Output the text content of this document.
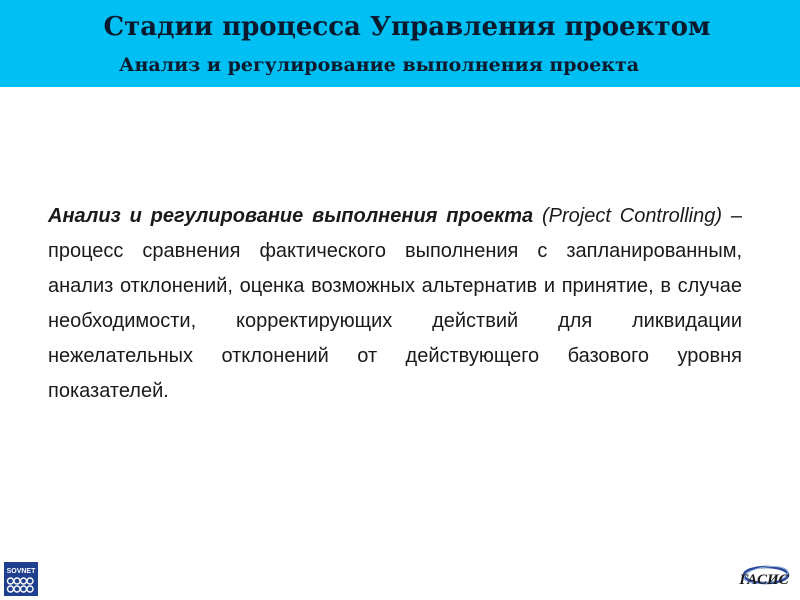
Стадии процесса Управления проектом
Анализ и регулирование выполнения проекта
Анализ и регулирование выполнения проекта (Project Controlling) – процесс сравнения фактического выполнения с запланированным, анализ отклонений, оценка возможных альтернатив и принятие, в случае необходимости, корректирующих действий для ликвидации нежелательных отклонений от действующего базового уровня показателей.
SOVNET
ГАСИС
